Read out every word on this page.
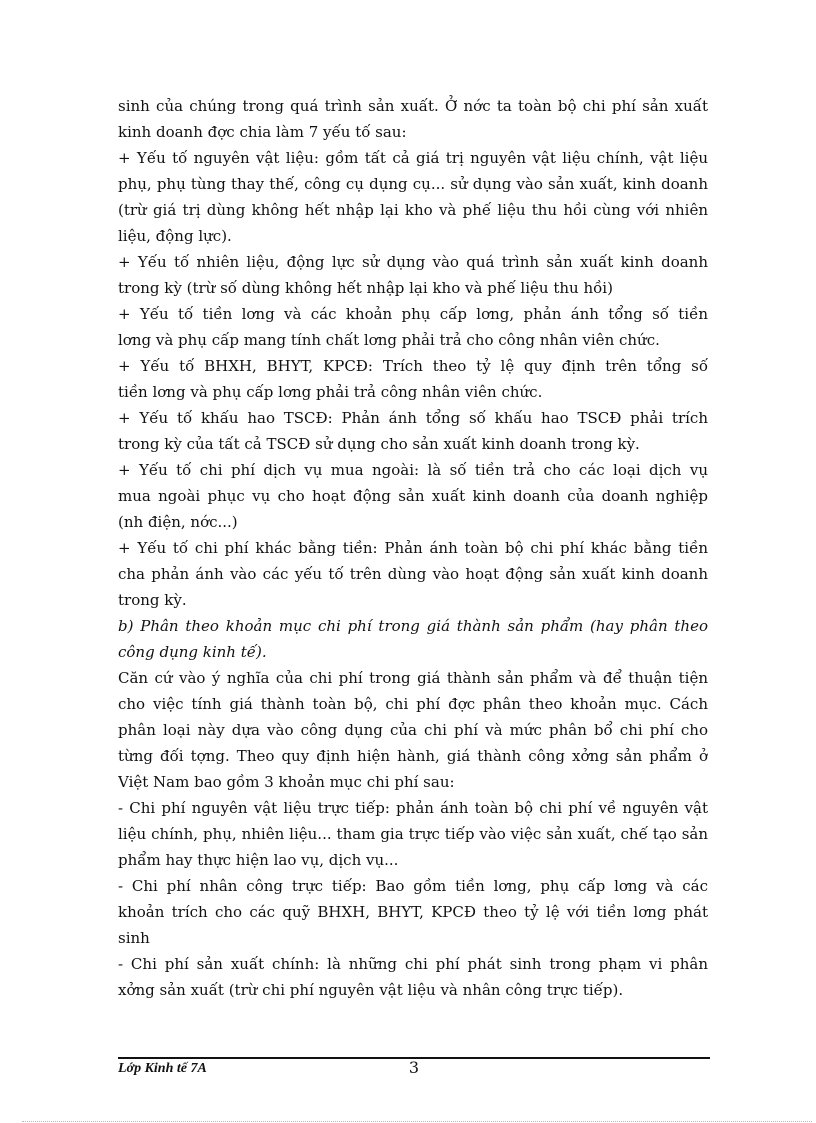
sinh của chúng trong quá trình sản xuất. Ở nớc ta toàn bộ chi phí sản xuất
kinh doanh đợc chia làm 7 yếu tố sau:
+ Yếu tố nguyên vật liệu: gồm tất cả giá trị nguyên vật liệu chính, vật liệu
phụ, phụ tùng thay thế, công cụ dụng cụ... sử dụng vào sản xuất, kinh doanh
(trừ giá trị dùng không hết nhập lại kho và phế liệu thu hồi cùng với nhiên
liệu, động lực).
+ Yếu tố nhiên liệu, động lực sử dụng vào quá trình sản xuất kinh doanh
trong kỳ (trừ số dùng không hết nhập lại kho và phế liệu thu hồi)
+ Yếu tố tiền lơng và các khoản phụ cấp lơng, phản ánh tổng số tiền
lơng và phụ cấp mang tính chất lơng phải trả cho công nhân viên chức.
+ Yếu tố BHXH, BHYT, KPCĐ: Trích theo tỷ lệ quy định trên tổng số
tiền lơng và phụ cấp lơng phải trả công nhân viên chức.
+ Yếu tố khấu hao TSCĐ: Phản ánh tổng số khấu hao TSCĐ phải trích
trong kỳ của tất cả TSCĐ sử dụng cho sản xuất kinh doanh trong kỳ.
+ Yếu tố chi phí dịch vụ mua ngoài: là số tiền trả cho các loại dịch vụ
mua ngoài phục vụ cho hoạt động sản xuất kinh doanh của doanh nghiệp
(nh điện, nớc...)
+ Yếu tố chi phí khác bằng tiền: Phản ánh toàn bộ chi phí khác bằng tiền
cha phản ánh vào các yếu tố trên dùng vào hoạt động sản xuất kinh doanh
trong kỳ.
b) Phân theo khoản mục chi phí trong giá thành sản phẩm (hay phân theo
công dụng kinh tế).
Căn cứ vào ý nghĩa của chi phí trong giá thành sản phẩm và để thuận tiện
cho việc tính giá thành toàn bộ, chi phí đợc phân theo khoản mục. Cách
phân loại này dựa vào công dụng của chi phí và mức phân bổ chi phí cho
từng đối tợng. Theo quy định hiện hành, giá thành công xởng sản phẩm ở
Việt Nam bao gồm 3 khoản mục chi phí sau:
- Chi phí nguyên vật liệu trực tiếp: phản ánh toàn bộ chi phí về nguyên vật
liệu chính, phụ, nhiên liệu... tham gia trực tiếp vào việc sản xuất, chế tạo sản
phẩm hay thực hiện lao vụ, dịch vụ...
- Chi phí nhân công trực tiếp: Bao gồm tiền lơng, phụ cấp lơng và các
khoản trích cho các quỹ BHXH, BHYT, KPCĐ theo tỷ lệ với tiền lơng phát
sinh
- Chi phí sản xuất chính: là những chi phí phát sinh trong phạm vi phân
xởng sản xuất (trừ chi phí nguyên vật liệu và nhân công trực tiếp).
Lớp Kinh tế 7A	3
